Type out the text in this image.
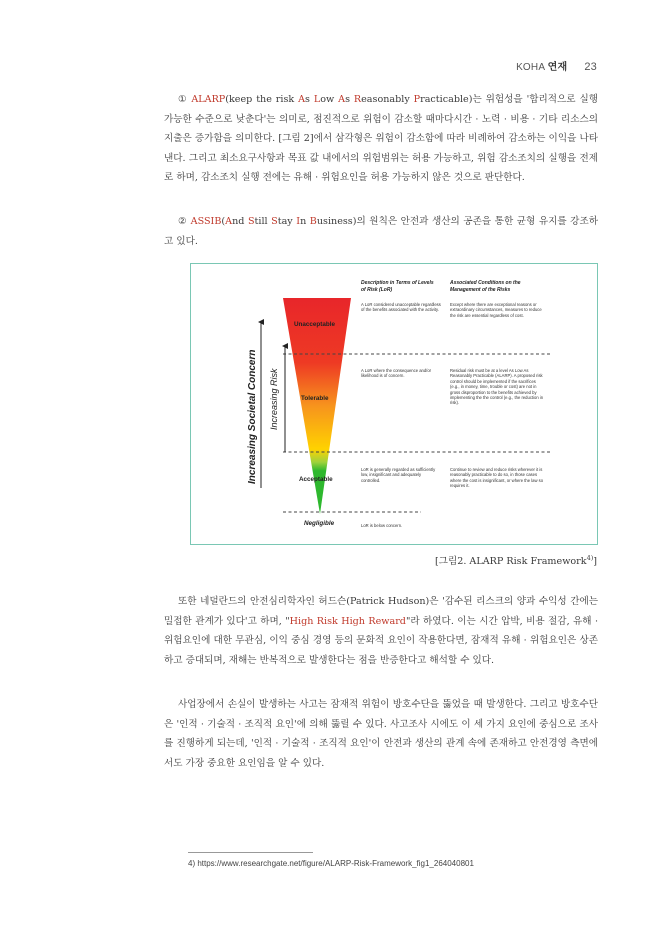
KOHA 연재 23
① ALARP(keep the risk As Low As Reasonably Practicable)는 위험성을 '합리적으로 실행 가능한 수준으로 낮춘다'는 의미로, 점진적으로 위험이 감소할 때마다시간 · 노력 · 비용 · 기타 리소스의 지출은 증가함을 의미한다. [그림 2]에서 삼각형은 위험이 감소함에 따라 비례하여 감소하는 이익을 나타낸다. 그리고 최소요구사항과 목표 값 내에서의 위험범위는 허용 가능하고, 위험 감소조치의 실행을 전제로 하며, 감소조치 실행 전에는 유해 · 위험요인을 허용 가능하지 않은 것으로 판단한다.
② ASSIB(And Still Stay In Business)의 원칙은 안전과 생산의 공존을 통한 균형 유지를 강조하고 있다.
Increasing Societal Concern Increasing Risk
Unacceptable
Tolerable
Acceptable
Negligible
Description in Terms of Levels of Risk (LoR)
Associated Conditions on the Management of the Risks
A LoR considered unacceptable regardless of the benefits associated with the activity.
Except where there are exceptional reasons or extraordinary circumstances, measures to reduce the risk are essential regardless of cost.
A LoR where the consequence and/or likelihood is of concern.
Residual risk must be at a level As Low As Reasonably Practicable (ALARP). A proposed risk control should be implemented if the sacrifices (e.g., in money, time, trouble or cost) are not in gross disproportion to the benefits achieved by implementing the the control (e.g., the reduction in risk).
LoR is generally regarded as sufficiently low, insignificant and adequately controlled.
Continue to review and reduce risks wherever it is reasonably practicable to do so, in those cases where the cost is insignificant, or where the law so requires it.
LoR is below concern.
[그림2. ALARP Risk Framework$^{4)}$]
또한 네덜란드의 안전심리학자인 허드슨(Patrick Hudson)은 '감수된 리스크의 양과 수익성 간에는 밀접한 관계가 있다'고 하며, "High Risk High Reward"라 하였다. 이는 시간 압박, 비용 절감, 유해 · 위험요인에 대한 무관심, 이익 중심 경영 등의 문화적 요인이 작용한다면, 잠재적 유해 · 위험요인은 상존하고 증대되며, 재해는 반복적으로 발생한다는 점을 반증한다고 해석할 수 있다.
사업장에서 손실이 발생하는 사고는 잠재적 위험이 방호수단을 뚫었을 때 발생한다. 그리고 방호수단은 '인적 · 기술적 · 조직적 요인'에 의해 뚫릴 수 있다. 사고조사 시에도 이 세 가지 요인에 중심으로 조사를 진행하게 되는데, '인적 · 기술적 · 조직적 요인'이 안전과 생산의 관계 속에 존재하고 안전경영 측면에서도 가장 중요한 요인임을 알 수 있다.
4) https://www.researchgate.net/figure/ALARP-Risk-Framework_fig1_264040801
